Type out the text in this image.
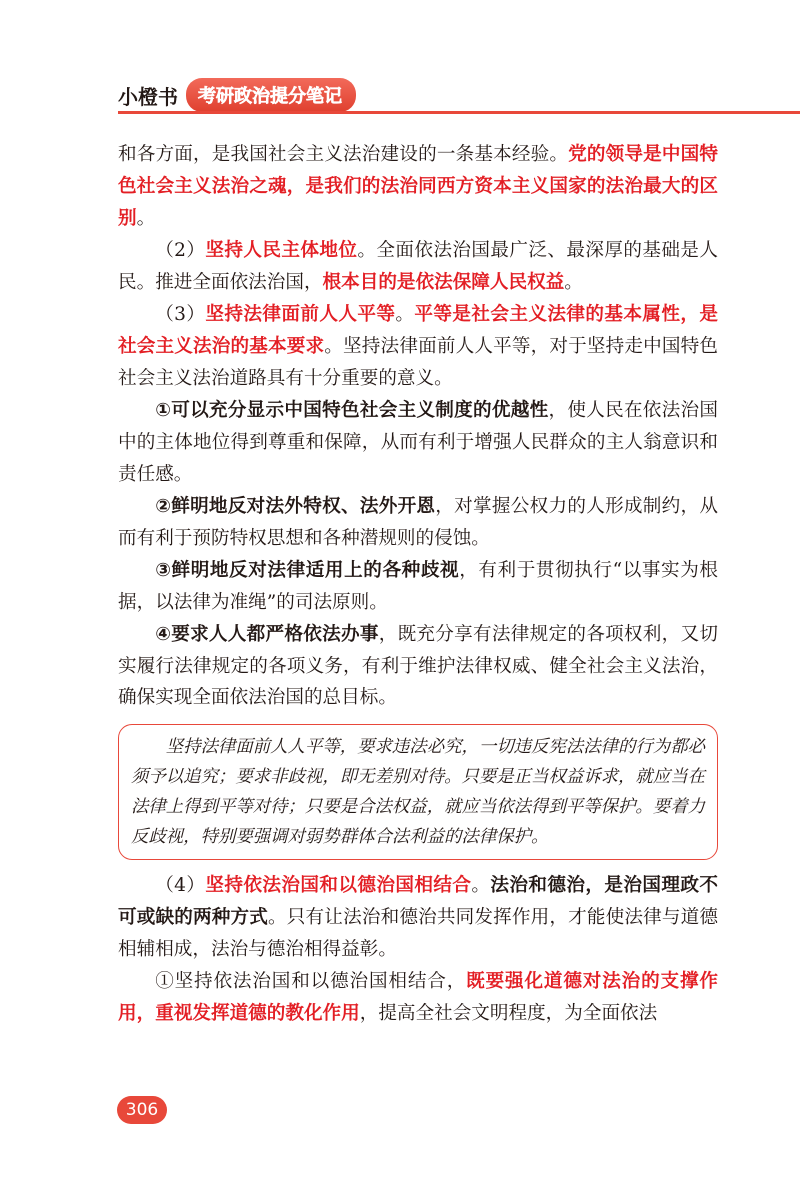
小橙书	考研政治提分笔记

和各方面，是我国社会主义法治建设的一条基本经验。党的领导是中国特色社会主义法治之魂，是我们的法治同西方资本主义国家的法治最大的区别。

（2）坚持人民主体地位。全面依法治国最广泛、最深厚的基础是人民。推进全面依法治国，根本目的是依法保障人民权益。

（3）坚持法律面前人人平等。平等是社会主义法律的基本属性，是社会主义法治的基本要求。坚持法律面前人人平等，对于坚持走中国特色社会主义法治道路具有十分重要的意义。

①可以充分显示中国特色社会主义制度的优越性，使人民在依法治国中的主体地位得到尊重和保障，从而有利于增强人民群众的主人翁意识和责任感。

②鲜明地反对法外特权、法外开恩，对掌握公权力的人形成制约，从而有利于预防特权思想和各种潜规则的侵蚀。

③鲜明地反对法律适用上的各种歧视，有利于贯彻执行“以事实为根据，以法律为准绳”的司法原则。

④要求人人都严格依法办事，既充分享有法律规定的各项权利，又切实履行法律规定的各项义务，有利于维护法律权威、健全社会主义法治，确保实现全面依法治国的总目标。

坚持法律面前人人平等，要求违法必究，一切违反宪法法律的行为都必须予以追究；要求非歧视，即无差别对待。只要是正当权益诉求，就应当在法律上得到平等对待；只要是合法权益，就应当依法得到平等保护。要着力反歧视，特别要强调对弱势群体合法利益的法律保护。

（4）坚持依法治国和以德治国相结合。法治和德治，是治国理政不可或缺的两种方式。只有让法治和德治共同发挥作用，才能使法律与道德相辅相成，法治与德治相得益彰。

①坚持依法治国和以德治国相结合，既要强化道德对法治的支撑作用，重视发挥道德的教化作用，提高全社会文明程度，为全面依法

306
